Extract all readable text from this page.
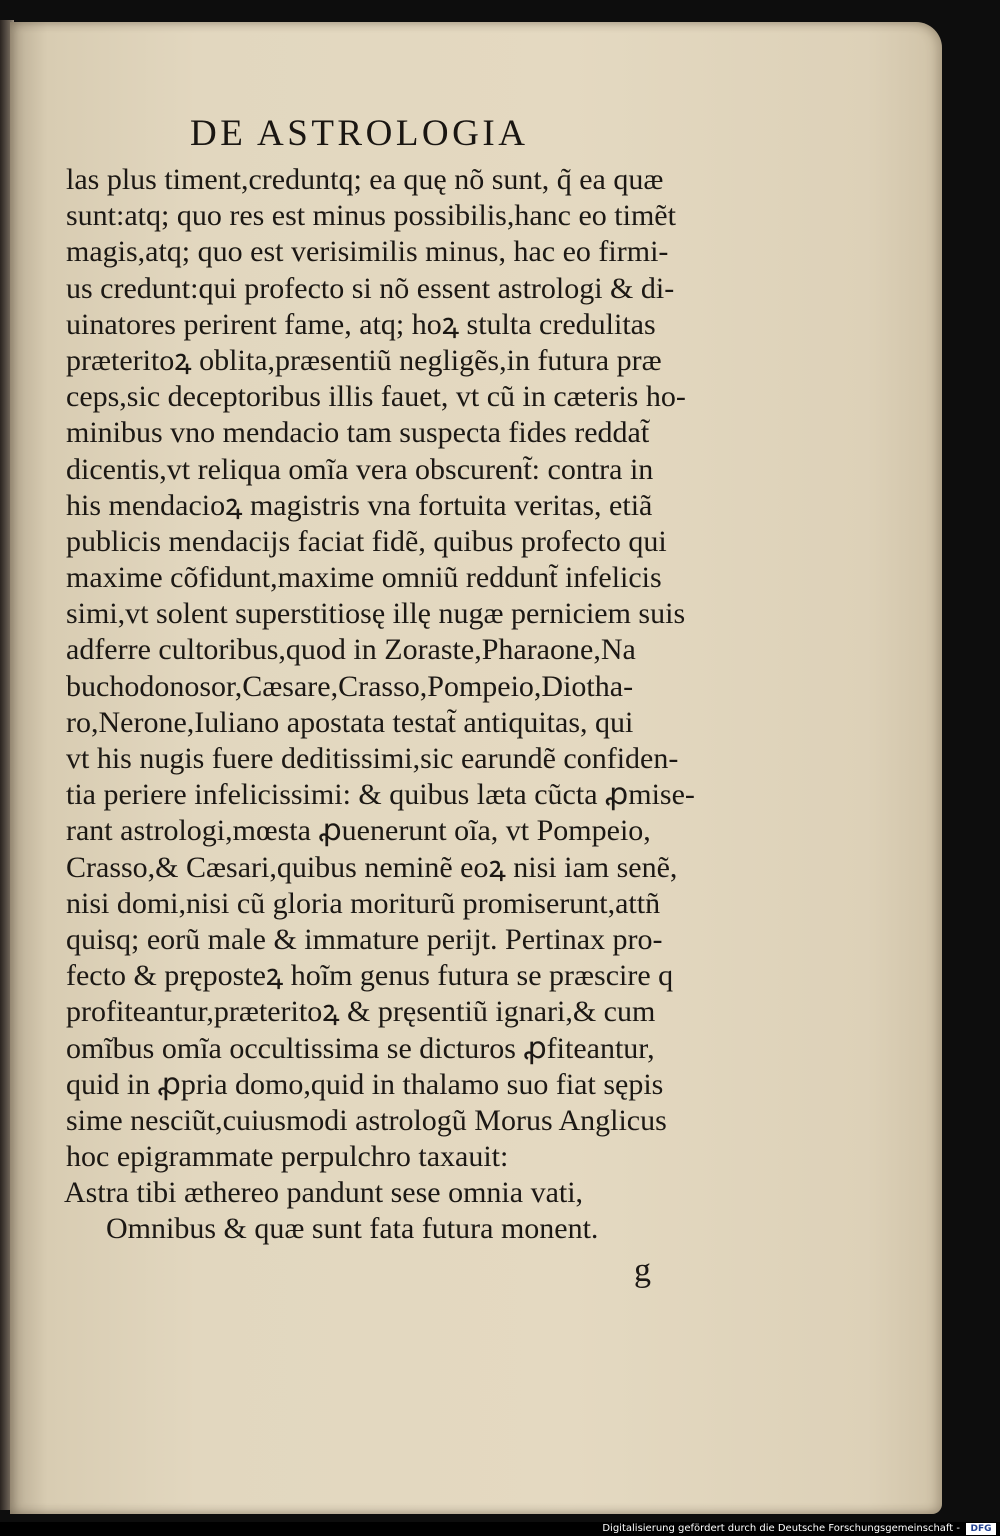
DE ASTROLOGIA
las plus timent,creduntq; ea quę nõ sunt, q̃ ea quæ
sunt:atq; quo res est minus possibilis,hanc eo timẽt
magis,atq; quo est verisimilis minus, hac eo firmi-
us credunt:qui profecto si nõ essent astrologi & di-
uinatores perirent fame, atq; hoꝝ stulta credulitas
præteritoꝝ oblita,præsentiũ negligẽs,in futura præ
ceps,sic deceptoribus illis fauet, vt cũ in cæteris ho-
minibus vno mendacio tam suspecta fides reddat̃
dicentis,vt reliqua omĩa vera obscurent̃: contra in
his mendacioꝝ magistris vna fortuita veritas, etiã
publicis mendacijs faciat fidẽ, quibus profecto qui
maxime cõfidunt,maxime omniũ reddunt̃ infelicis
simi,vt solent superstitiosę illę nugæ perniciem suis
adferre cultoribus,quod in Zoraste,Pharaone,Na
buchodonosor,Cæsare,Crasso,Pompeio,Diotha-
ro,Nerone,Iuliano apostata testat̃ antiquitas, qui
vt his nugis fuere deditissimi,sic earundẽ confiden-
tia periere infelicissimi: & quibus læta cũcta ꝓmise-
rant astrologi,mœsta ꝓuenerunt oĩa, vt Pompeio,
Crasso,& Cæsari,quibus neminẽ eoꝝ nisi iam senẽ,
nisi domi,nisi cũ gloria moriturũ promiserunt,attñ
quisq; eorũ male & immature perijt. Pertinax pro-
fecto & pręposteꝝ hoĩm genus futura se præscire q
profiteantur,præteritoꝝ & pręsentiũ ignari,& cum
omĩbus omĩa occultissima se dicturos ꝓfiteantur,
quid in ꝓpria domo,quid in thalamo suo fiat sępis
sime nesciũt,cuiusmodi astrologũ Morus Anglicus
hoc epigrammate perpulchro taxauit:
Astra tibi æthereo pandunt sese omnia vati,
Omnibus & quæ sunt fata futura monent.
g
Digitalisierung gefördert durch die Deutsche Forschungsgemeinschaft -	DFG
